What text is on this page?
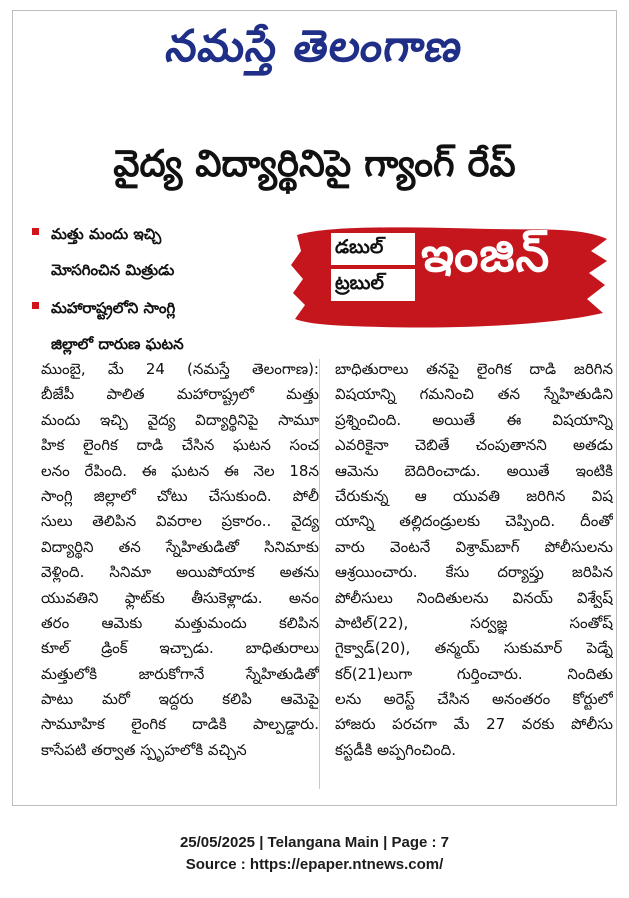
నమస్తే తెలంగాణ
వైద్య విద్యార్థినిపై గ్యాంగ్ రేప్
మత్తు మందు ఇచ్చి
మోసగించిన మిత్రుడు
మహారాష్ట్రలోని సాంగ్లి
జిల్లాలో దారుణ ఘటన
డబుల్
ట్రబుల్ ఇంజిన్
ముంబై, మే 24 (నమస్తే తెలంగాణ):
బీజేపీ పాలిత మహారాష్ట్రలో మత్తు
మందు ఇచ్చి వైద్య విద్యార్థినిపై సామూ
హిక లైంగిక దాడి చేసిన ఘటన సంచ
లనం రేపింది. ఈ ఘటన ఈ నెల 18న
సాంగ్లి జిల్లాలో చోటు చేసుకుంది. పోలీ
సులు తెలిపిన వివరాల ప్రకారం.. వైద్య
విద్యార్థిని తన స్నేహితుడితో సినిమాకు
వెళ్లింది. సినిమా అయిపోయాక అతను
యువతిని ఫ్లాట్‌కు తీసుకెళ్లాడు. అనం
తరం ఆమెకు మత్తుమందు కలిపిన
కూల్ డ్రింక్ ఇచ్చాడు. బాధితురాలు
మత్తులోకి జారుకోగానే స్నేహితుడితో
పాటు మరో ఇద్దరు కలిపి ఆమెపై
సామూహిక లైంగిక దాడికి పాల్పడ్డారు.
కాసేపటి తర్వాత స్పృహలోకి వచ్చిన
బాధితురాలు తనపై లైంగిక దాడి జరిగిన
విషయాన్ని గమనించి తన స్నేహితుడిని
ప్రశ్నించింది. అయితే ఈ విషయాన్ని
ఎవరికైనా చెబితే చంపుతానని అతడు
ఆమెను బెదిరించాడు. అయితే ఇంటికి
చేరుకున్న ఆ యువతి జరిగిన విష
యాన్ని తల్లిదండ్రులకు చెప్పింది. దీంతో
వారు వెంటనే విశ్రామ్‌బాగ్ పోలీసులను
ఆశ్రయించారు. కేసు దర్యాప్తు జరిపిన
పోలీసులు నిందితులను వినయ్ విశ్వేష్
పాటిల్(22), సర్వజ్ఞ సంతోష్
గైక్వాడ్(20), తన్మయ్ సుకుమార్ పెడ్నే
కర్(21)లుగా గుర్తించారు. నిందితు
లను అరెస్ట్ చేసిన అనంతరం కోర్టులో
హాజరు పరచగా మే 27 వరకు పోలీసు
కస్టడీకి అప్పగించింది.
25/05/2025 | Telangana Main | Page : 7
Source : https://epaper.ntnews.com/
